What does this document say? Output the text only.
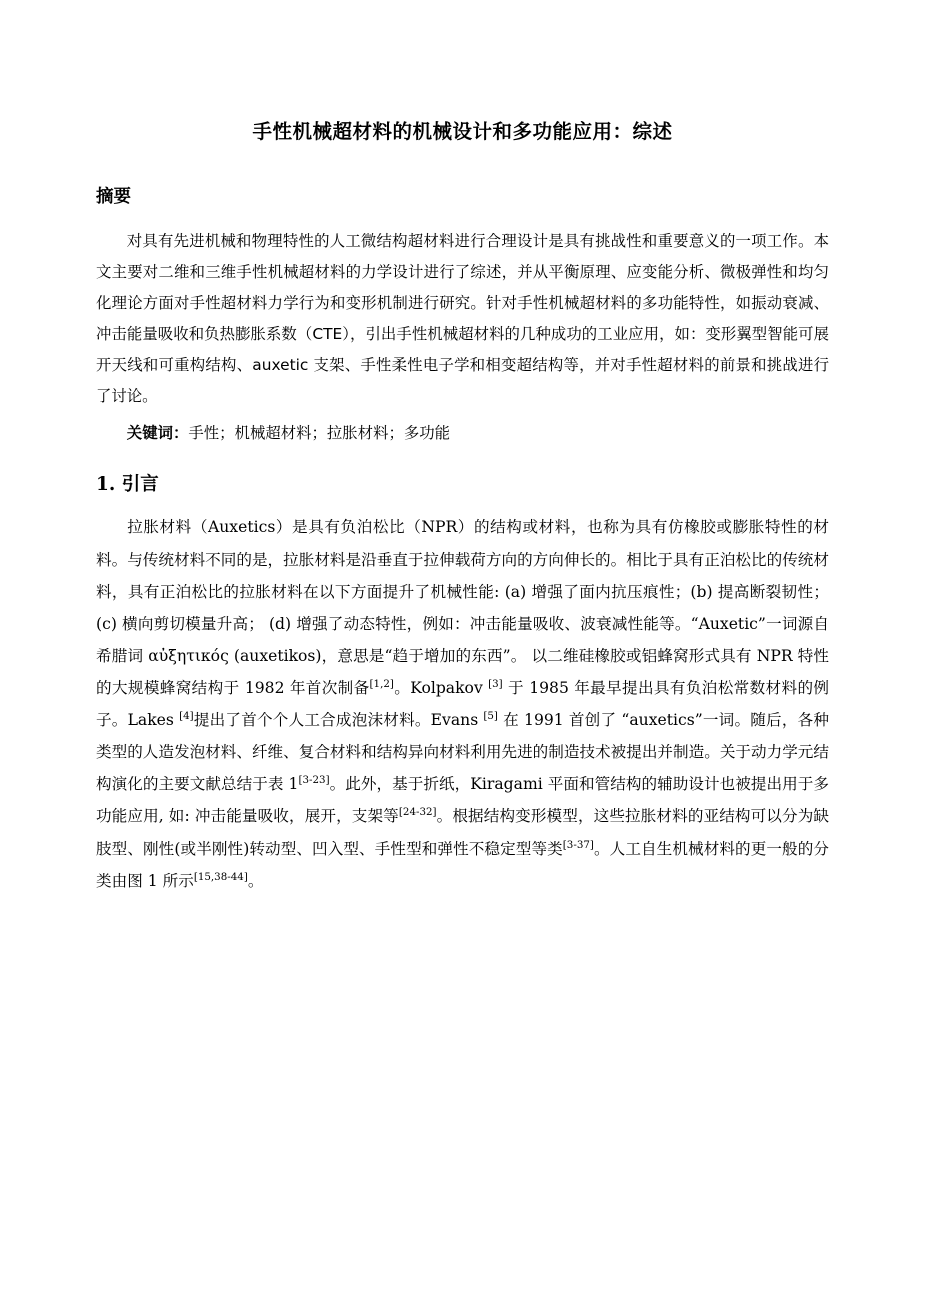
手性机械超材料的机械设计和多功能应用：综述
摘要

对具有先进机械和物理特性的人工微结构超材料进行合理设计是具有挑战性和重要意义的一项工作。本文主要对二维和三维手性机械超材料的力学设计进行了综述，并从平衡原理、应变能分析、微极弹性和均匀化理论方面对手性超材料力学行为和变形机制进行研究。针对手性机械超材料的多功能特性，如振动衰减、冲击能量吸收和负热膨胀系数（CTE），引出手性机械超材料的几种成功的工业应用，如：变形翼型智能可展开天线和可重构结构、auxetic 支架、手性柔性电子学和相变超结构等，并对手性超材料的前景和挑战进行了讨论。

关键词：手性；机械超材料；拉胀材料；多功能

1. 引言

拉胀材料（Auxetics）是具有负泊松比（NPR）的结构或材料，也称为具有仿橡胶或膨胀特性的材料。与传统材料不同的是，拉胀材料是沿垂直于拉伸载荷方向的方向伸长的。相比于具有正泊松比的传统材料，具有正泊松比的拉胀材料在以下方面提升了机械性能: (a) 增强了面内抗压痕性；(b) 提高断裂韧性； (c) 横向剪切模量升高； (d) 增强了动态特性，例如：冲击能量吸收、波衰减性能等。“Auxetic”一词源自希腊词 αὐξητικός (auxetikos)，意思是“趋于增加的东西”。 以二维硅橡胶或铝蜂窝形式具有 NPR 特性的大规模蜂窝结构于 1982 年首次制备[1,2]。Kolpakov [3] 于 1985 年最早提出具有负泊松常数材料的例子。Lakes [4]提出了首个个人工合成泡沫材料。Evans [5] 在 1991 首创了 “auxetics”一词。随后，各种类型的人造发泡材料、纤维、复合材料和结构异向材料利用先进的制造技术被提出并制造。关于动力学元结构演化的主要文献总结于表 1[3-23]。此外，基于折纸，Kiragami 平面和管结构的辅助设计也被提出用于多功能应用, 如: 冲击能量吸收，展开，支架等[24-32]。根据结构变形模型，这些拉胀材料的亚结构可以分为缺肢型、刚性(或半刚性)转动型、凹入型、手性型和弹性不稳定型等类[3-37]。人工自生机械材料的更一般的分类由图 1 所示[15,38-44]。
